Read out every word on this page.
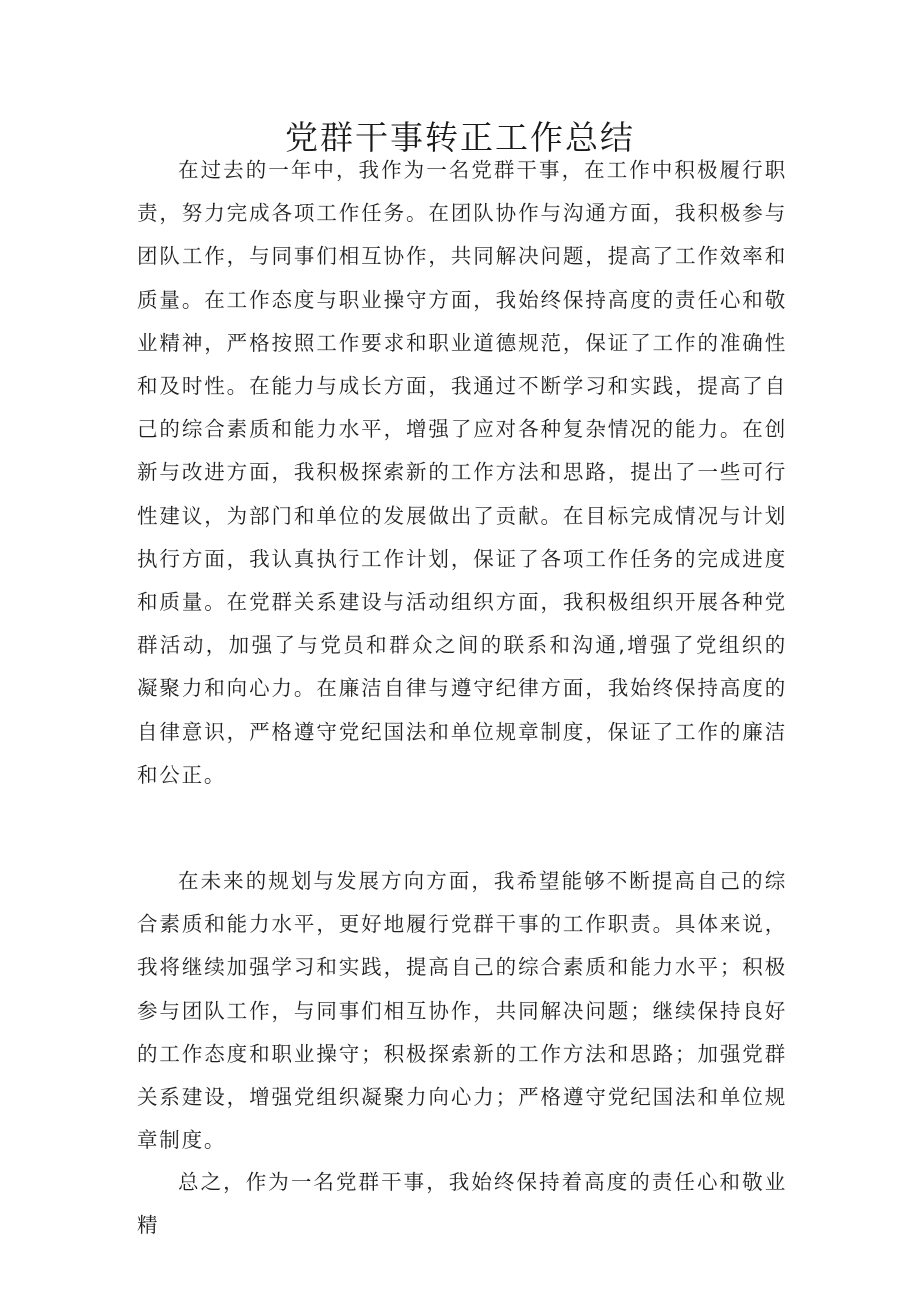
党群干事转正工作总结

在过去的一年中，我作为一名党群干事，在工作中积极履行职责，努力完成各项工作任务。在团队协作与沟通方面，我积极参与团队工作，与同事们相互协作，共同解决问题，提高了工作效率和质量。在工作态度与职业操守方面，我始终保持高度的责任心和敬业精神，严格按照工作要求和职业道德规范，保证了工作的准确性和及时性。在能力与成长方面，我通过不断学习和实践，提高了自己的综合素质和能力水平，增强了应对各种复杂情况的能力。在创新与改进方面，我积极探索新的工作方法和思路，提出了一些可行性建议，为部门和单位的发展做出了贡献。在目标完成情况与计划执行方面，我认真执行工作计划，保证了各项工作任务的完成进度和质量。在党群关系建设与活动组织方面，我积极组织开展各种党群活动，加强了与党员和群众之间的联系和沟通,增强了党组织的凝聚力和向心力。在廉洁自律与遵守纪律方面，我始终保持高度的自律意识，严格遵守党纪国法和单位规章制度，保证了工作的廉洁和公正。

在未来的规划与发展方向方面，我希望能够不断提高自己的综合素质和能力水平，更好地履行党群干事的工作职责。具体来说，我将继续加强学习和实践，提高自己的综合素质和能力水平；积极参与团队工作，与同事们相互协作，共同解决问题；继续保持良好的工作态度和职业操守；积极探索新的工作方法和思路；加强党群关系建设，增强党组织凝聚力向心力；严格遵守党纪国法和单位规章制度。

总之，作为一名党群干事，我始终保持着高度的责任心和敬业精
